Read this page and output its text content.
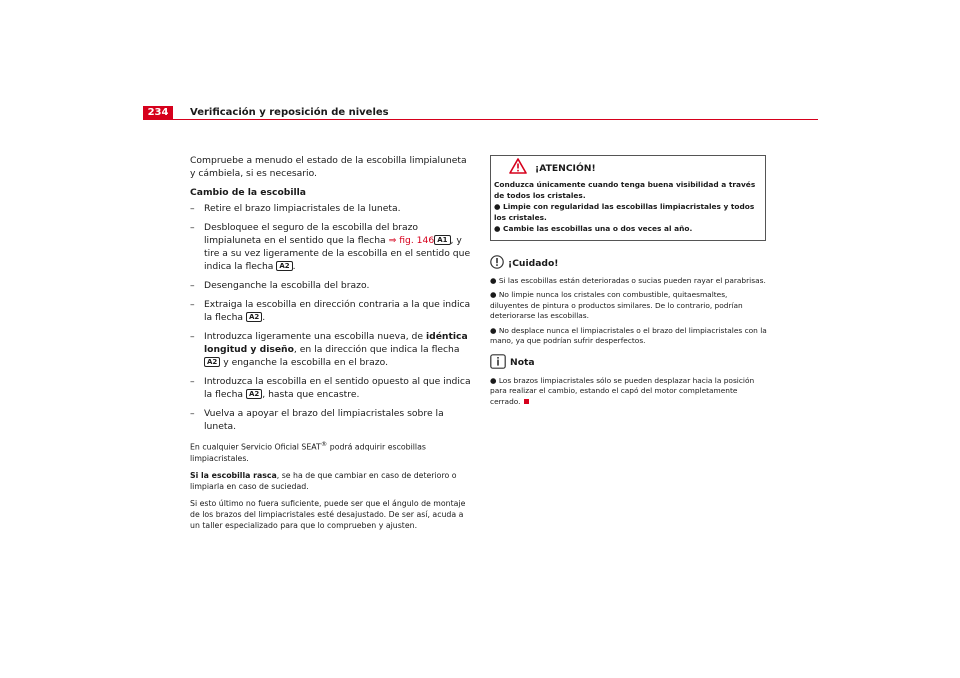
234	Verificación y reposición de niveles

Compruebe a menudo el estado de la escobilla limpialuneta y cámbiela, si es necesario.

Cambio de la escobilla
– Retire el brazo limpiacristales de la luneta.
– Desbloquee el seguro de la escobilla del brazo limpialuneta en el sentido que la flecha ⇒ fig. 146 A1 , y tire a su vez ligeramente de la escobilla en el sentido que indica la flecha A2 .
– Desenganche la escobilla del brazo.
– Extraiga la escobilla en dirección contraria a la que indica la flecha A2 .
– Introduzca ligeramente una escobilla nueva, de idéntica longitud y diseño, en la dirección que indica la flecha A2 y enganche la escobilla en el brazo.
– Introduzca la escobilla en el sentido opuesto al que indica la flecha A2 , hasta que encastre.
– Vuelva a apoyar el brazo del limpiacristales sobre la luneta.

En cualquier Servicio Oficial SEAT® podrá adquirir escobillas limpiacristales.

Si la escobilla rasca, se ha de que cambiar en caso de deterioro o limpiarla en caso de suciedad.

Si esto último no fuera suficiente, puede ser que el ángulo de montaje de los brazos del limpiacristales esté desajustado. De ser así, acuda a un taller especializado para que lo comprueben y ajusten.

¡ATENCIÓN!

Conduzca únicamente cuando tenga buena visibilidad a través de todos los cristales.

● Limpie con regularidad las escobillas limpiacristales y todos los cristales.

● Cambie las escobillas una o dos veces al año.

¡Cuidado!

● Si las escobillas están deterioradas o sucias pueden rayar el parabrisas.

● No limpie nunca los cristales con combustible, quitaesmaltes, diluyentes de pintura o productos similares. De lo contrario, podrían deteriorarse las escobillas.

● No desplace nunca el limpiacristales o el brazo del limpiacristales con la mano, ya que podrían sufrir desperfectos.

Nota

● Los brazos limpiacristales sólo se pueden desplazar hacia la posición para realizar el cambio, estando el capó del motor completamente cerrado.
